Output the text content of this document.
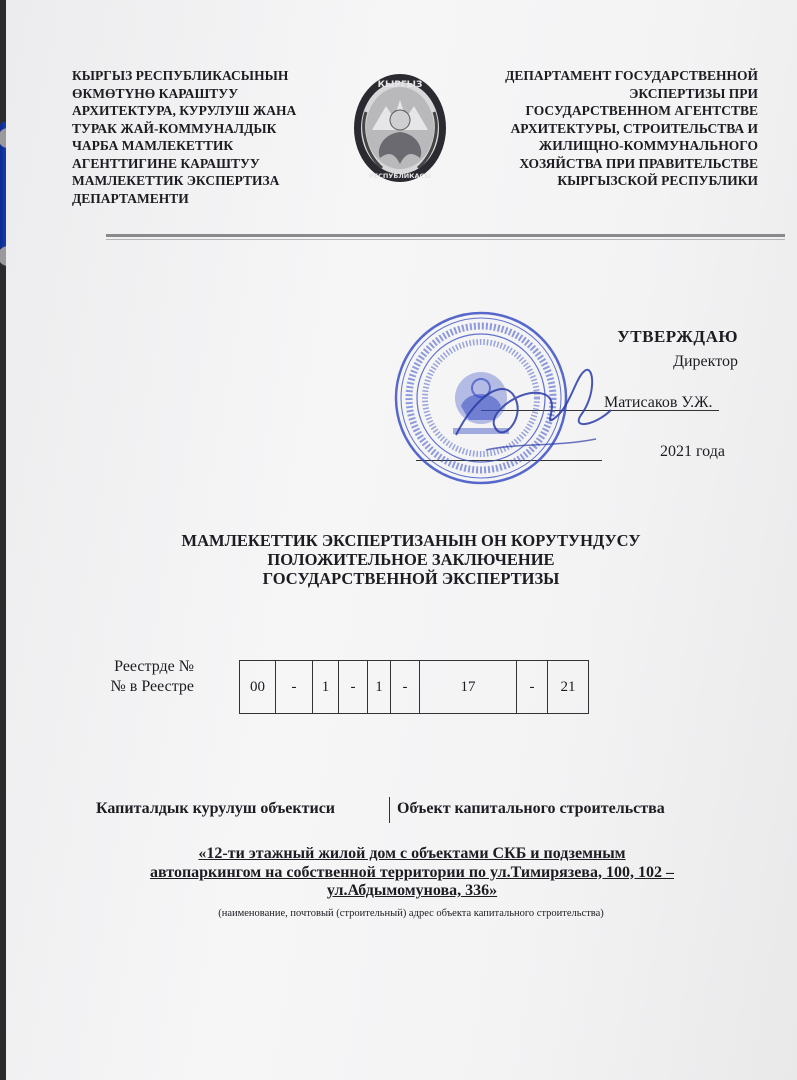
КЫРГЫЗ РЕСПУБЛИКАСЫНЫН
ӨКМӨТҮНӨ КАРАШТУУ
АРХИТЕКТУРА, КУРУЛУШ ЖАНА
ТУРАК ЖАЙ-КОММУНАЛДЫК
ЧАРБА МАМЛЕКЕТТИК
АГЕНТТИГИНЕ КАРАШТУУ
МАМЛЕКЕТТИК ЭКСПЕРТИЗА
ДЕПАРТАМЕНТИ
КЫРГЫЗ
РЕСПУБЛИКАСЫ
ДЕПАРТАМЕНТ ГОСУДАРСТВЕННОЙ
ЭКСПЕРТИЗЫ ПРИ
ГОСУДАРСТВЕННОМ АГЕНТСТВЕ
АРХИТЕКТУРЫ, СТРОИТЕЛЬСТВА И
ЖИЛИЩНО-КОММУНАЛЬНОГО
ХОЗЯЙСТВА ПРИ ПРАВИТЕЛЬСТВЕ
КЫРГЫЗСКОЙ РЕСПУБЛИКИ
УТВЕРЖДАЮ
Директор
Матисаков У.Ж.
2021 года
МАМЛЕКЕТТИК ЭКСПЕРТИЗАНЫН ОН КОРУТУНДУСУ
ПОЛОЖИТЕЛЬНОЕ ЗАКЛЮЧЕНИЕ
ГОСУДАРСТВЕННОЙ ЭКСПЕРТИЗЫ
Реестрде №
№ в Реестре	00	-	1	-	1	-	17	-	21
Капиталдык курулуш объектиси	Объект капитального строительства
«12-ти этажный жилой дом с объектами СКБ и подземным
автопаркингом на собственной территории по ул.Тимирязева, 100, 102 –
ул.Абдымомунова, 336»
(наименование, почтовый (строительный) адрес объекта капитального строительства)
